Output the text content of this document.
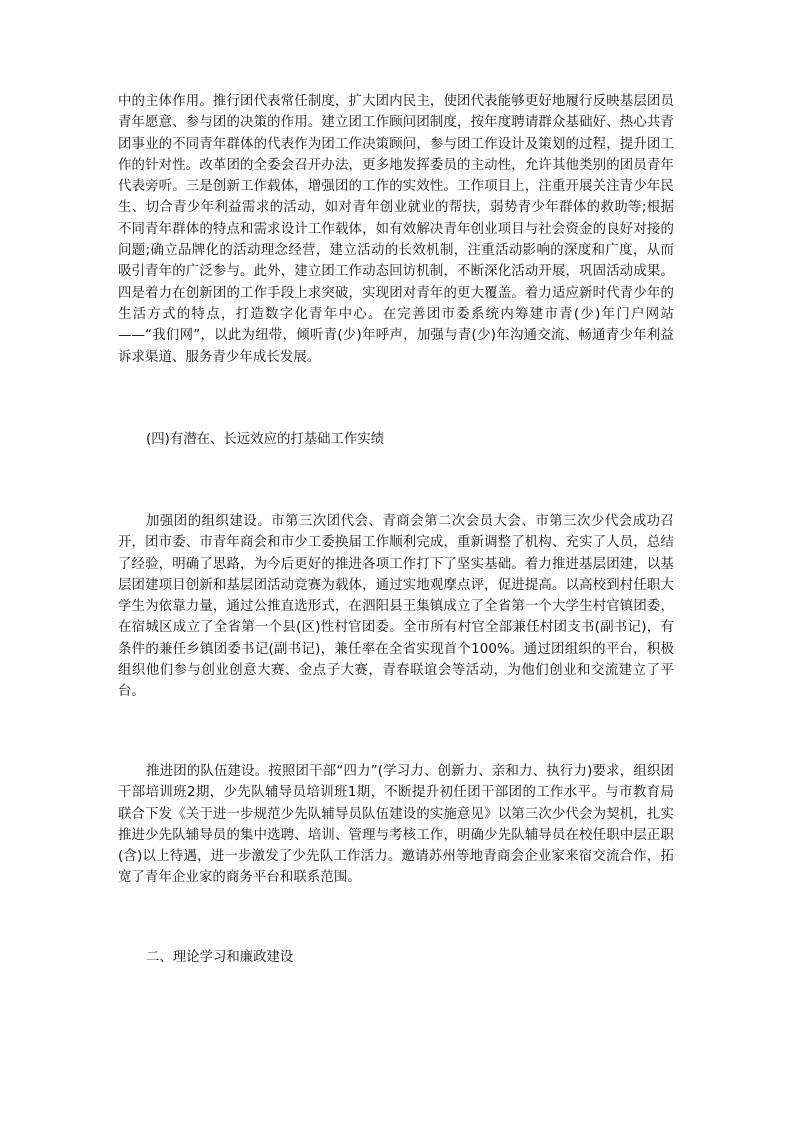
中的主体作用。推行团代表常任制度，扩大团内民主，使团代表能够更好地履行反映基层团员青年愿意、参与团的决策的作用。建立团工作顾问团制度，按年度聘请群众基础好、热心共青团事业的不同青年群体的代表作为团工作决策顾问，参与团工作设计及策划的过程，提升团工作的针对性。改革团的全委会召开办法，更多地发挥委员的主动性，允许其他类别的团员青年代表旁听。三是创新工作载体，增强团的工作的实效性。工作项目上，注重开展关注青少年民生、切合青少年利益需求的活动，如对青年创业就业的帮扶，弱势青少年群体的救助等;根据不同青年群体的特点和需求设计工作载体，如有效解决青年创业项目与社会资金的良好对接的问题;确立品牌化的活动理念经营，建立活动的长效机制，注重活动影响的深度和广度，从而吸引青年的广泛参与。此外，建立团工作动态回访机制，不断深化活动开展，巩固活动成果。四是着力在创新团的工作手段上求突破，实现团对青年的更大覆盖。着力适应新时代青少年的生活方式的特点，打造数字化青年中心。在完善团市委系统内筹建市青(少)年门户网站——“我们网”，以此为纽带，倾听青(少)年呼声，加强与青(少)年沟通交流、畅通青少年利益诉求渠道、服务青少年成长发展。

(四)有潜在、长远效应的打基础工作实绩

加强团的组织建设。市第三次团代会、青商会第二次会员大会、市第三次少代会成功召开，团市委、市青年商会和市少工委换届工作顺利完成，重新调整了机构、充实了人员，总结了经验，明确了思路，为今后更好的推进各项工作打下了坚实基础。着力推进基层团建，以基层团建项目创新和基层团活动竞赛为载体，通过实地观摩点评，促进提高。以高校到村任职大学生为依靠力量，通过公推直选形式，在泗阳县王集镇成立了全省第一个大学生村官镇团委，在宿城区成立了全省第一个县(区)性村官团委。全市所有村官全部兼任村团支书(副书记)，有条件的兼任乡镇团委书记(副书记)，兼任率在全省实现首个100%。通过团组织的平台，积极组织他们参与创业创意大赛、金点子大赛，青春联谊会等活动，为他们创业和交流建立了平台。

推进团的队伍建设。按照团干部“四力”(学习力、创新力、亲和力、执行力)要求，组织团干部培训班2期，少先队辅导员培训班1期，不断提升初任团干部团的工作水平。与市教育局联合下发《关于进一步规范少先队辅导员队伍建设的实施意见》以第三次少代会为契机，扎实推进少先队辅导员的集中选聘、培训、管理与考核工作，明确少先队辅导员在校任职中层正职(含)以上待遇，进一步激发了少先队工作活力。邀请苏州等地青商会企业家来宿交流合作，拓宽了青年企业家的商务平台和联系范围。

二、理论学习和廉政建设
